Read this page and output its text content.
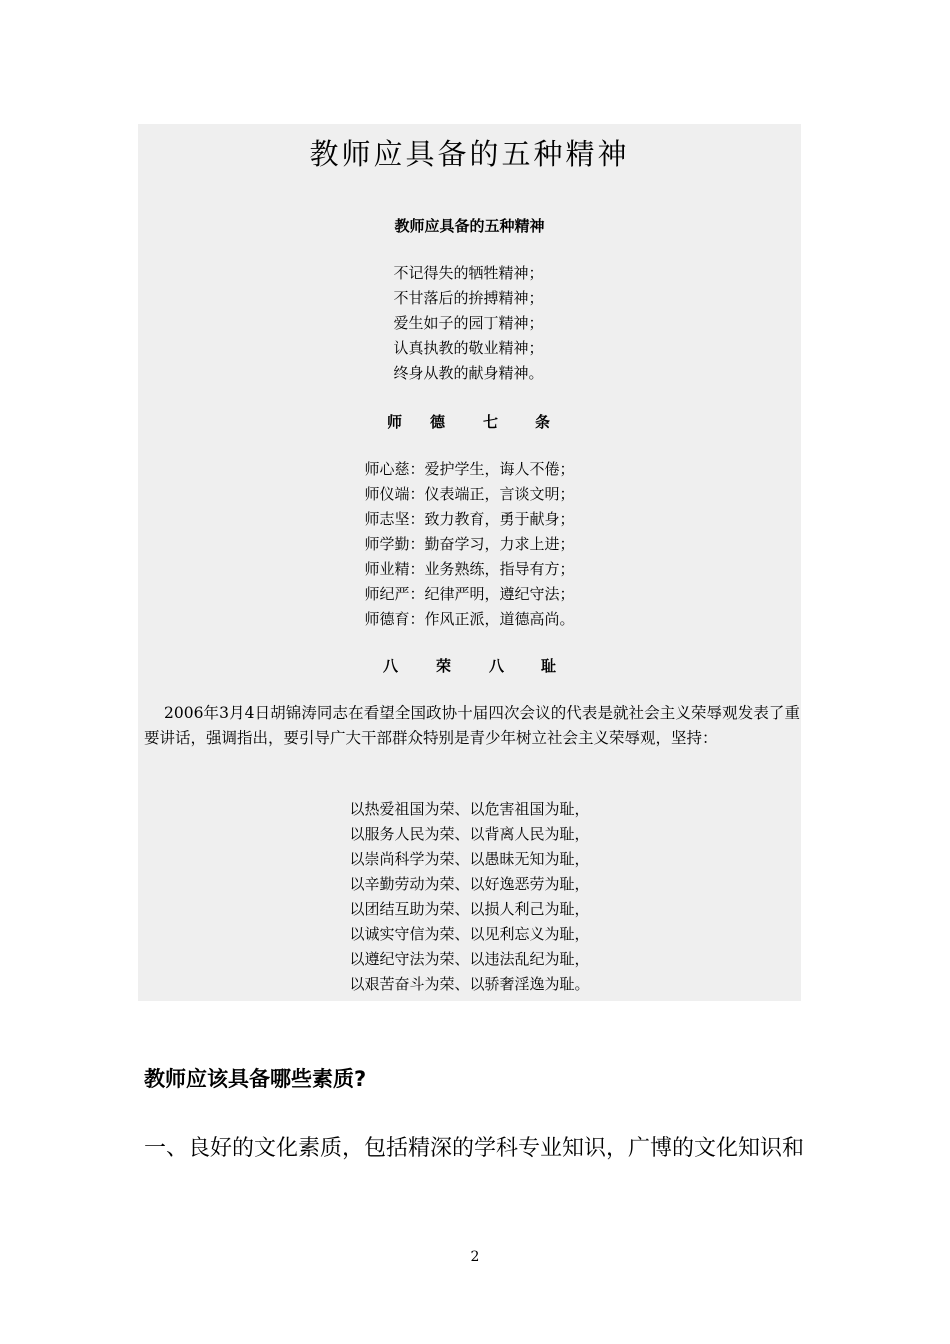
教师应具备的五种精神
教师应具备的五种精神
不记得失的牺牲精神；
不甘落后的拚搏精神；
爱生如子的园丁精神；
认真执教的敬业精神；
终身从教的献身精神。
师 德	七 条
师心慈：爱护学生，诲人不倦；
师仪端：仪表端正，言谈文明；
师志坚：致力教育，勇于献身；
师学勤：勤奋学习，力求上进；
师业精：业务熟练，指导有方；
师纪严：纪律严明，遵纪守法；
师德育：作风正派，道德高尚。
八	荣	八 耻
2006年3月4日胡锦涛同志在看望全国政协十届四次会议的代表是就社会主义荣辱观发表了重要讲话，强调指出，要引导广大干部群众特别是青少年树立社会主义荣辱观，坚持：
以热爱祖国为荣、以危害祖国为耻，
以服务人民为荣、以背离人民为耻，
以崇尚科学为荣、以愚昧无知为耻，
以辛勤劳动为荣、以好逸恶劳为耻，
以团结互助为荣、以损人利己为耻，
以诚实守信为荣、以见利忘义为耻，
以遵纪守法为荣、以违法乱纪为耻，
以艰苦奋斗为荣、以骄奢淫逸为耻。
教师应该具备哪些素质?
一、良好的文化素质，包括精深的学科专业知识，广博的文化知识和
2
